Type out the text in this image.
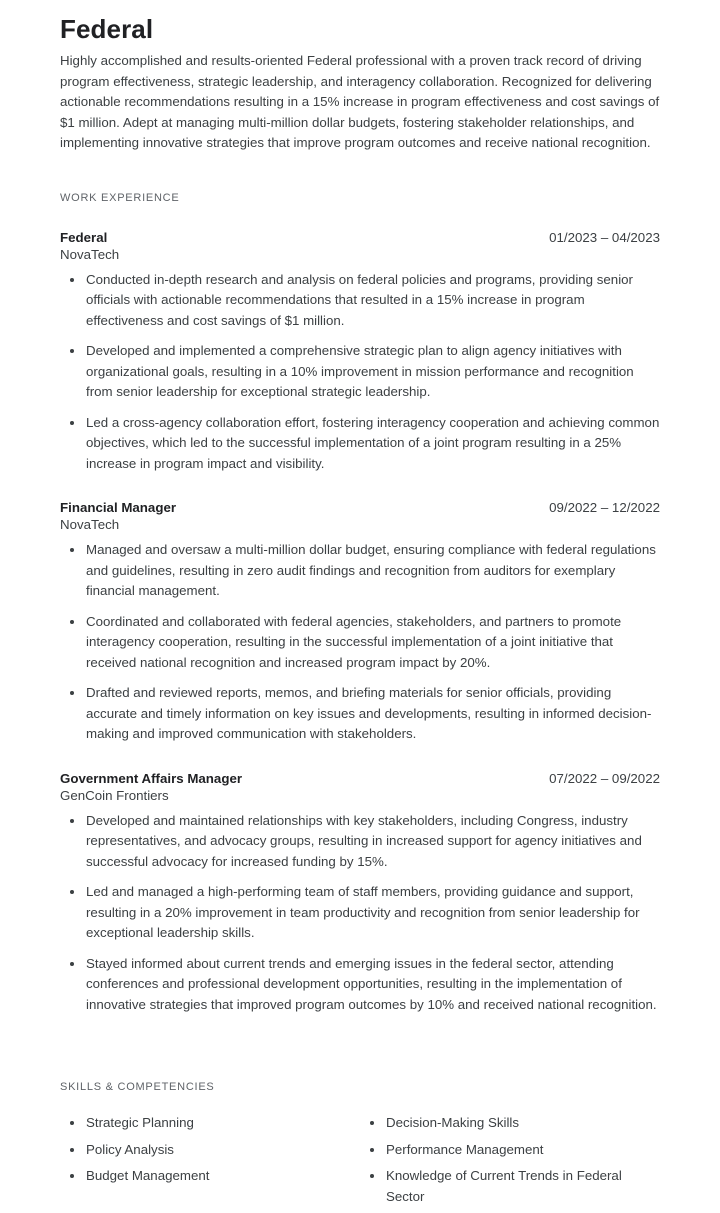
Federal

Highly accomplished and results-oriented Federal professional with a proven track record of driving program effectiveness, strategic leadership, and interagency collaboration. Recognized for delivering actionable recommendations resulting in a 15% increase in program effectiveness and cost savings of $1 million. Adept at managing multi-million dollar budgets, fostering stakeholder relationships, and implementing innovative strategies that improve program outcomes and receive national recognition.

WORK EXPERIENCE
Federal	01/2023 – 04/2023
NovaTech
Conducted in-depth research and analysis on federal policies and programs, providing senior officials with actionable recommendations that resulted in a 15% increase in program effectiveness and cost savings of $1 million.
Developed and implemented a comprehensive strategic plan to align agency initiatives with organizational goals, resulting in a 10% improvement in mission performance and recognition from senior leadership for exceptional strategic leadership.
Led a cross-agency collaboration effort, fostering interagency cooperation and achieving common objectives, which led to the successful implementation of a joint program resulting in a 25% increase in program impact and visibility.
Financial Manager	09/2022 – 12/2022
NovaTech
Managed and oversaw a multi-million dollar budget, ensuring compliance with federal regulations and guidelines, resulting in zero audit findings and recognition from auditors for exemplary financial management.
Coordinated and collaborated with federal agencies, stakeholders, and partners to promote interagency cooperation, resulting in the successful implementation of a joint initiative that received national recognition and increased program impact by 20%.
Drafted and reviewed reports, memos, and briefing materials for senior officials, providing accurate and timely information on key issues and developments, resulting in informed decision-making and improved communication with stakeholders.
Government Affairs Manager	07/2022 – 09/2022
GenCoin Frontiers
Developed and maintained relationships with key stakeholders, including Congress, industry representatives, and advocacy groups, resulting in increased support for agency initiatives and successful advocacy for increased funding by 15%.
Led and managed a high-performing team of staff members, providing guidance and support, resulting in a 20% improvement in team productivity and recognition from senior leadership for exceptional leadership skills.
Stayed informed about current trends and emerging issues in the federal sector, attending conferences and professional development opportunities, resulting in the implementation of innovative strategies that improved program outcomes by 10% and received national recognition.
SKILLS & COMPETENCIES
Strategic Planning
Policy Analysis
Budget Management
Decision-Making Skills
Performance Management
Knowledge of Current Trends in Federal Sector
